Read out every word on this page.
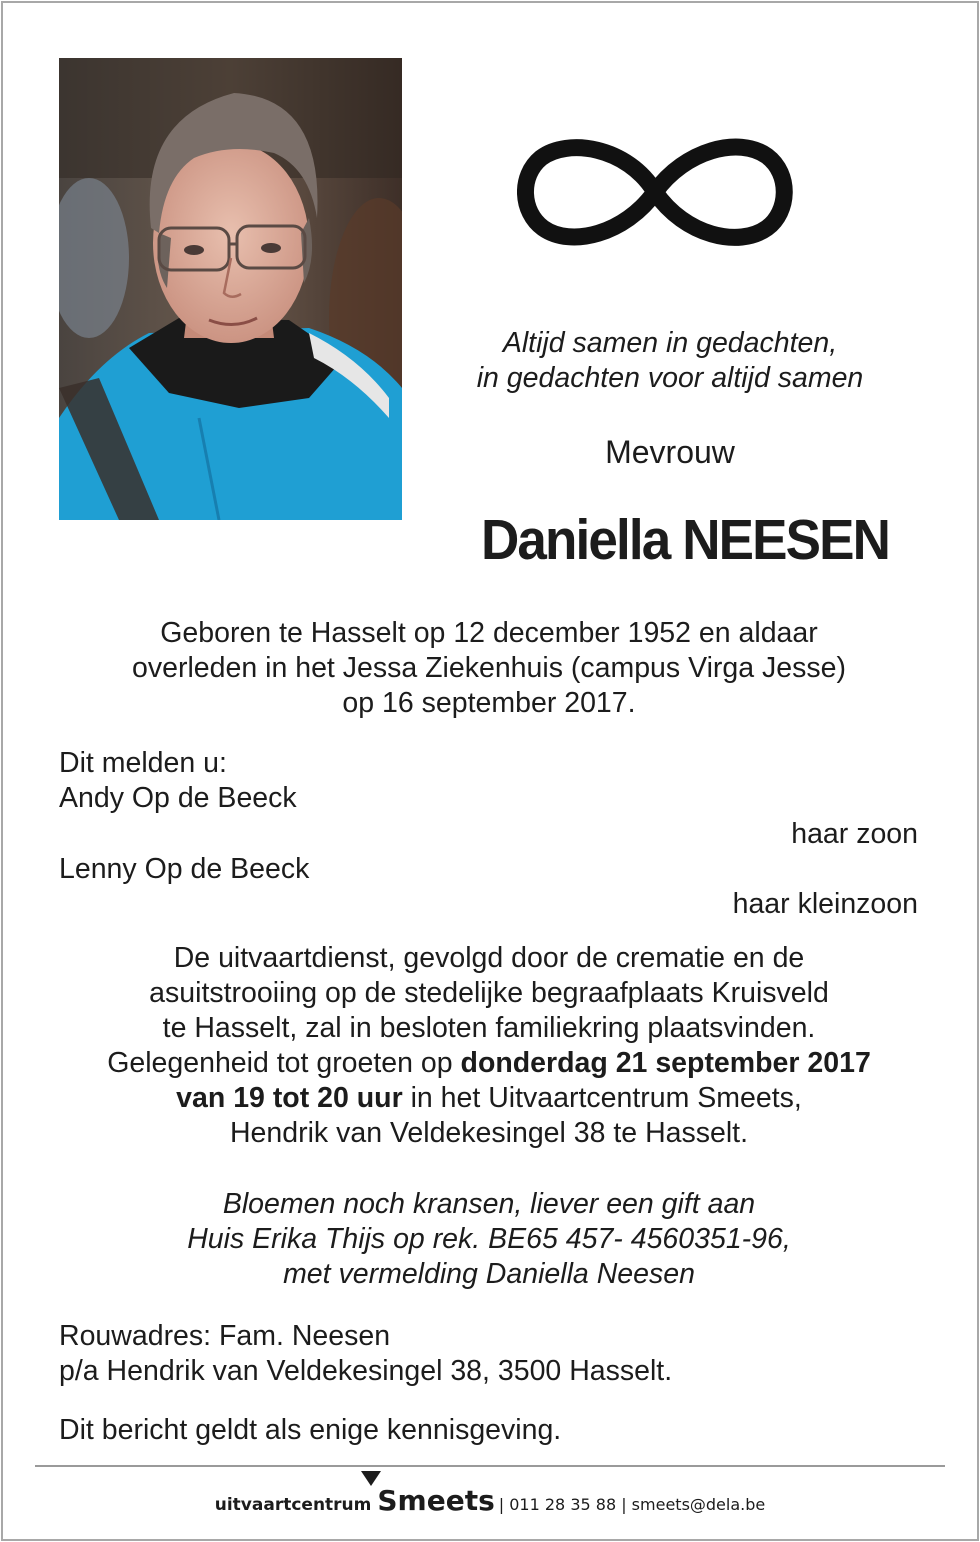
Altijd samen in gedachten,
in gedachten voor altijd samen
Mevrouw
Daniella NEESEN
Geboren te Hasselt op 12 december 1952 en aldaar
overleden in het Jessa Ziekenhuis (campus Virga Jesse)
op 16 september 2017.
Dit melden u:
Andy Op de Beeck
haar zoon
Lenny Op de Beeck
haar kleinzoon
De uitvaartdienst, gevolgd door de crematie en de
asuitstrooiing op de stedelijke begraafplaats Kruisveld
te Hasselt, zal in besloten familiekring plaatsvinden.
Gelegenheid tot groeten op donderdag 21 september 2017
van 19 tot 20 uur in het Uitvaartcentrum Smeets,
Hendrik van Veldekesingel 38 te Hasselt.
Bloemen noch kransen, liever een gift aan
Huis Erika Thijs op rek. BE65 457- 4560351-96,
met vermelding Daniella Neesen
Rouwadres: Fam. Neesen
p/a Hendrik van Veldekesingel 38, 3500 Hasselt.
Dit bericht geldt als enige kennisgeving.
uitvaartcentrum Smeets | 011 28 35 88 | smeets@dela.be
